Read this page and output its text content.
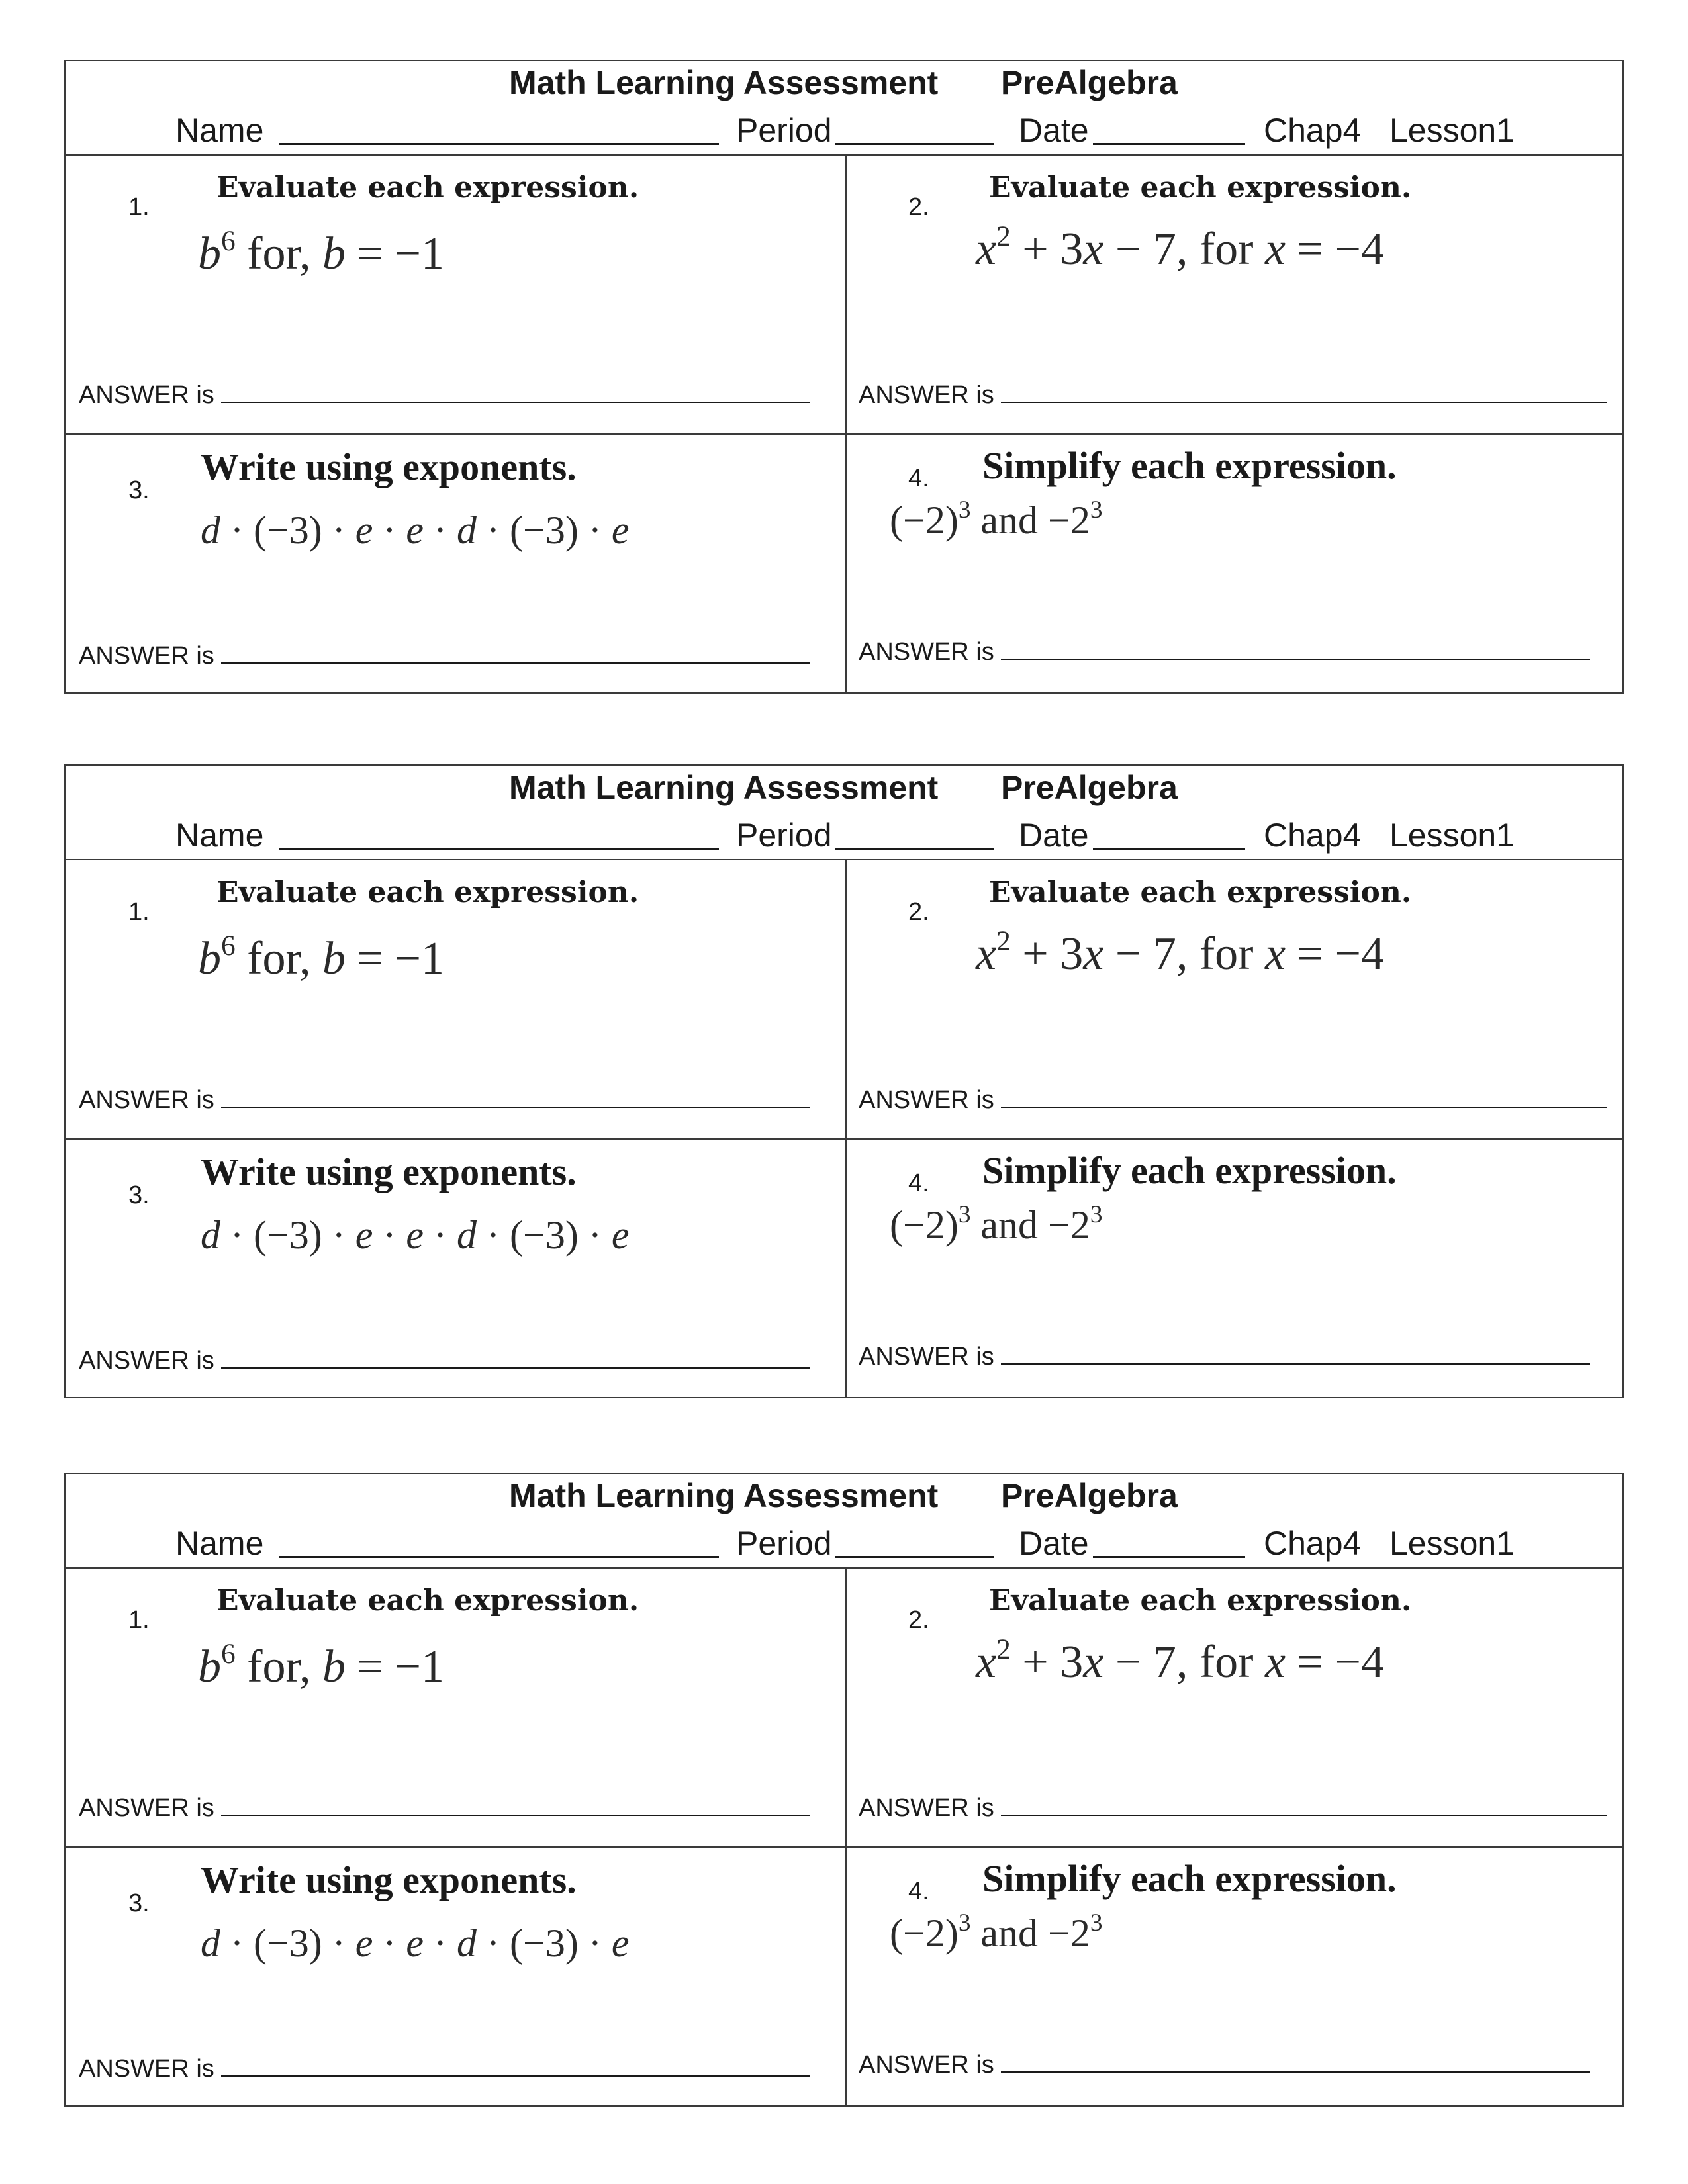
Math Learning Assessment PreAlgebra
Name	Period	Date	Chap4 Lesson1
1.
Evaluate each expression.
$b^6$ for, b = −1
ANSWER is
2.
Evaluate each expression.
$x^2 + 3x - 7$, for x = −4
ANSWER is
3.
Write using exponents.
d · (−3) · e · e · d · (−3) · e
ANSWER is
4. Simplify each expression.
$(-2)^3$ and $-2^3$
ANSWER is
Math Learning Assessment PreAlgebra
Name	Period	Date	Chap4 Lesson1
1.
Evaluate each expression.
$b^6$ for, b = −1
ANSWER is
2.
Evaluate each expression.
$x^2 + 3x - 7$, for x = −4
ANSWER is
3.
Write using exponents.
d · (−3) · e · e · d · (−3) · e
ANSWER is
4. Simplify each expression.
$(-2)^3$ and $-2^3$
ANSWER is
Math Learning Assessment PreAlgebra
Name	Period	Date	Chap4 Lesson1
1.
Evaluate each expression.
$b^6$ for, b = −1
ANSWER is
2.
Evaluate each expression.
$x^2 + 3x - 7$, for x = −4
ANSWER is
3.
Write using exponents.
d · (−3) · e · e · d · (−3) · e
ANSWER is
4. Simplify each expression.
$(-2)^3$ and $-2^3$
ANSWER is
